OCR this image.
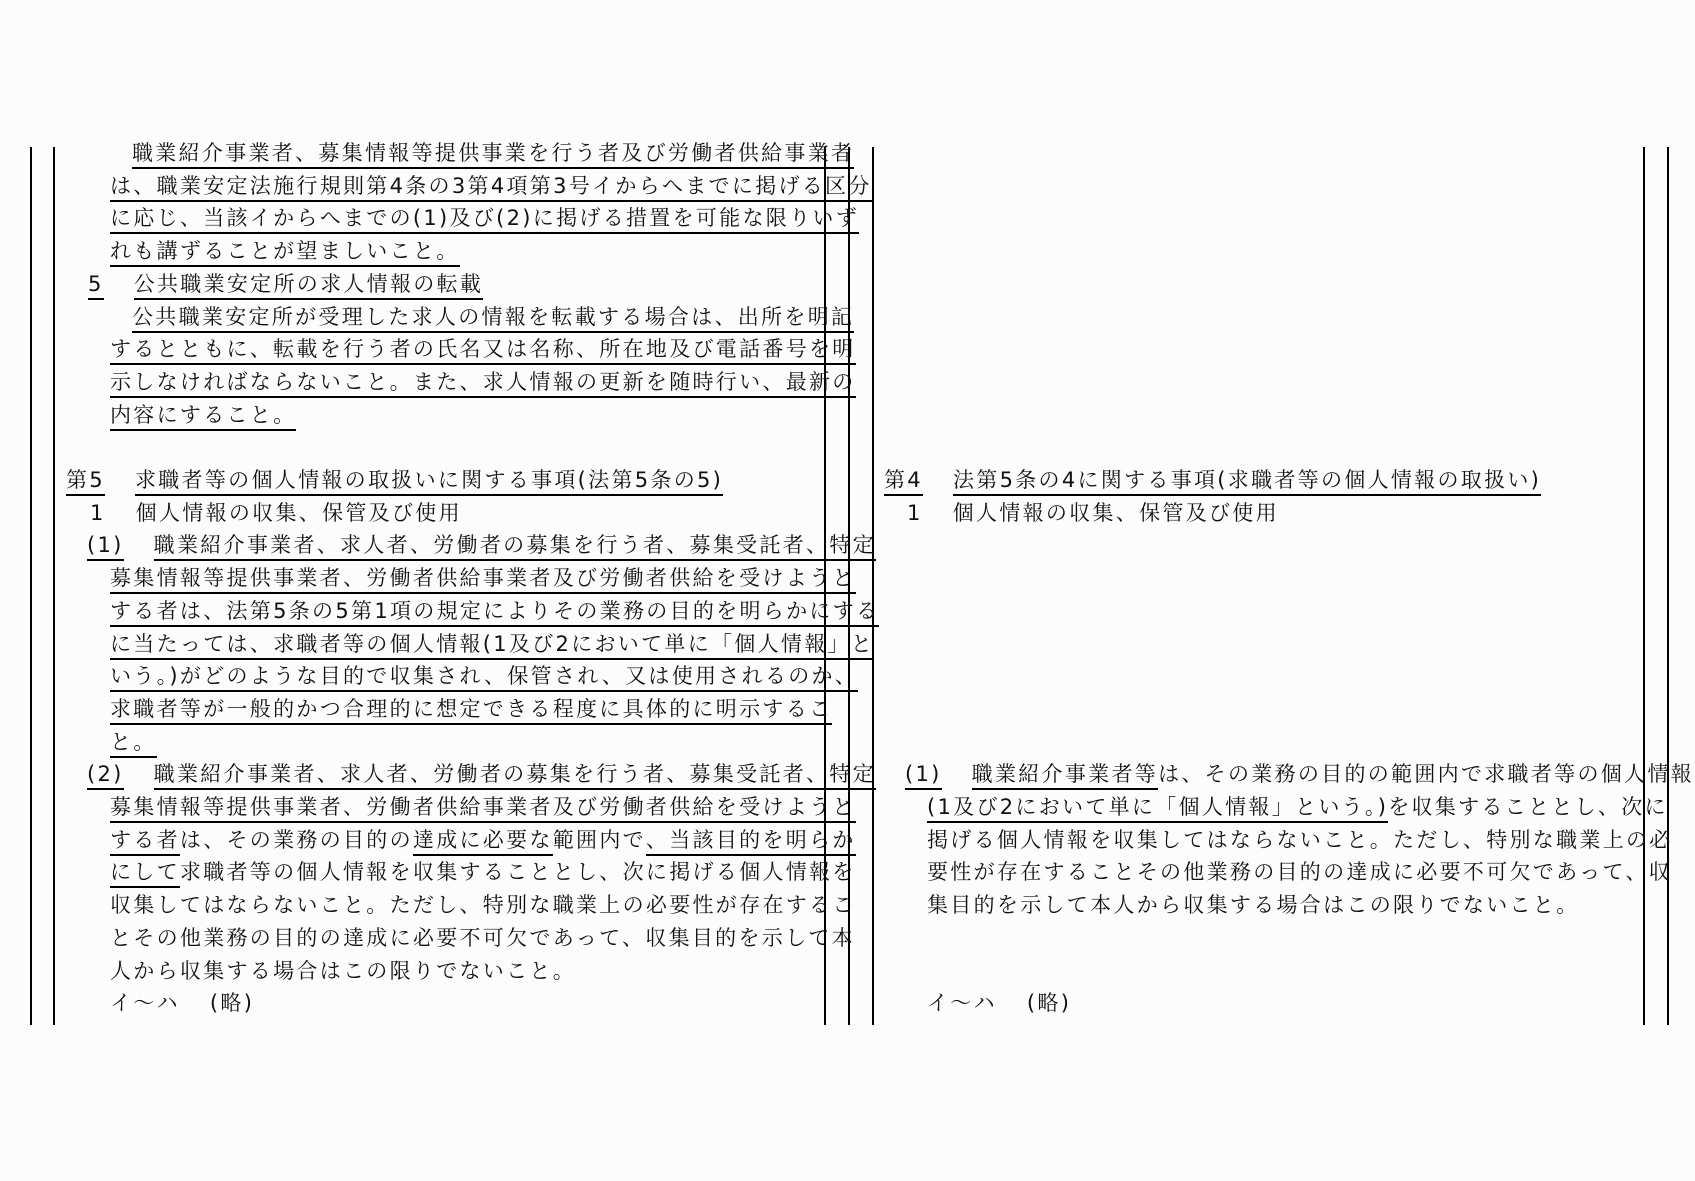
職業紹介事業者、募集情報等提供事業を行う者及び労働者供給事業者
は、職業安定法施行規則第4条の3第4項第3号イからへまでに掲げる区分
に応じ、当該イからへまでの(1)及び(2)に掲げる措置を可能な限りいず
れも講ずることが望ましいこと。
5 公共職業安定所の求人情報の転載
公共職業安定所が受理した求人の情報を転載する場合は、出所を明記
するとともに、転載を行う者の氏名又は名称、所在地及び電話番号を明
示しなければならないこと。また、求人情報の更新を随時行い、最新の
内容にすること。
第5 求職者等の個人情報の取扱いに関する事項(法第5条の5)
1 個人情報の収集、保管及び使用
(1) 職業紹介事業者、求人者、労働者の募集を行う者、募集受託者、特定
募集情報等提供事業者、労働者供給事業者及び労働者供給を受けようと
する者は、法第5条の5第1項の規定によりその業務の目的を明らかにする
に当たっては、求職者等の個人情報(1及び2において単に「個人情報」と
いう。)がどのような目的で収集され、保管され、又は使用されるのか、
求職者等が一般的かつ合理的に想定できる程度に具体的に明示するこ
と。
(2) 職業紹介事業者、求人者、労働者の募集を行う者、募集受託者、特定
募集情報等提供事業者、労働者供給事業者及び労働者供給を受けようと
する者は、その業務の目的の達成に必要な範囲内で、当該目的を明らか
にして求職者等の個人情報を収集することとし、次に掲げる個人情報を
収集してはならないこと。ただし、特別な職業上の必要性が存在するこ
とその他業務の目的の達成に必要不可欠であって、収集目的を示して本
人から収集する場合はこの限りでないこと。
イ〜ハ (略)
第4 法第5条の4に関する事項(求職者等の個人情報の取扱い)
1 個人情報の収集、保管及び使用
(1) 職業紹介事業者等は、その業務の目的の範囲内で求職者等の個人情報
(1及び2において単に「個人情報」という。)を収集することとし、次に
掲げる個人情報を収集してはならないこと。ただし、特別な職業上の必
要性が存在することその他業務の目的の達成に必要不可欠であって、収
集目的を示して本人から収集する場合はこの限りでないこと。
イ〜ハ (略)
